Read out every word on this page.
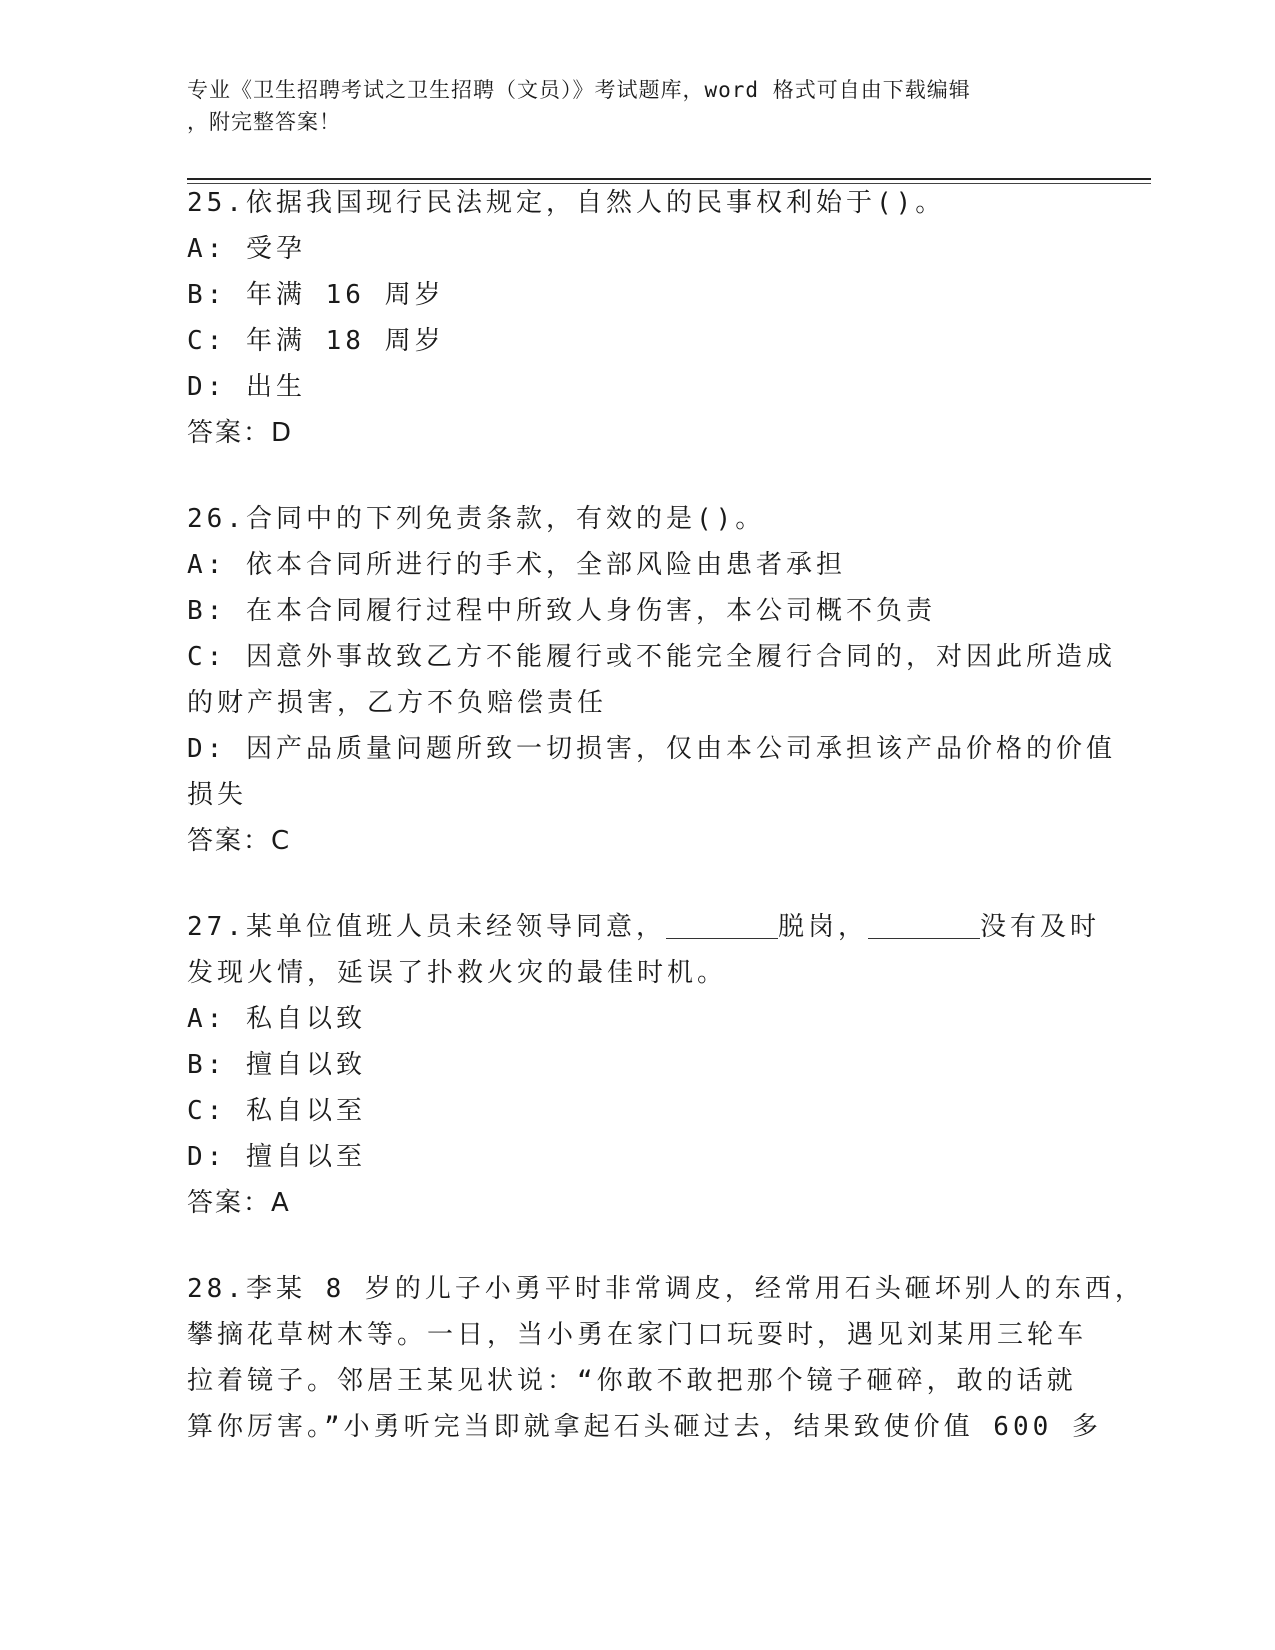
专业《卫生招聘考试之卫生招聘（文员）》考试题库，word 格式可自由下载编辑
，附完整答案！
25.依据我国现行民法规定，自然人的民事权利始于()。
A: 受孕
B: 年满 16 周岁
C: 年满 18 周岁
D: 出生
答案：D
26.合同中的下列免责条款，有效的是()。
A: 依本合同所进行的手术，全部风险由患者承担
B: 在本合同履行过程中所致人身伤害，本公司概不负责
C: 因意外事故致乙方不能履行或不能完全履行合同的，对因此所造成
的财产损害，乙方不负赔偿责任
D: 因产品质量问题所致一切损害，仅由本公司承担该产品价格的价值
损失
答案：C
27.某单位值班人员未经领导同意，	脱岗，	没有及时
发现火情，延误了扑救火灾的最佳时机。
A: 私自以致
B: 擅自以致
C: 私自以至
D: 擅自以至
答案：A
28.李某 8 岁的儿子小勇平时非常调皮，经常用石头砸坏别人的东西，
攀摘花草树木等。一日，当小勇在家门口玩耍时，遇见刘某用三轮车
拉着镜子。邻居王某见状说：“你敢不敢把那个镜子砸碎，敢的话就
算你厉害。”小勇听完当即就拿起石头砸过去，结果致使价值 600 多
